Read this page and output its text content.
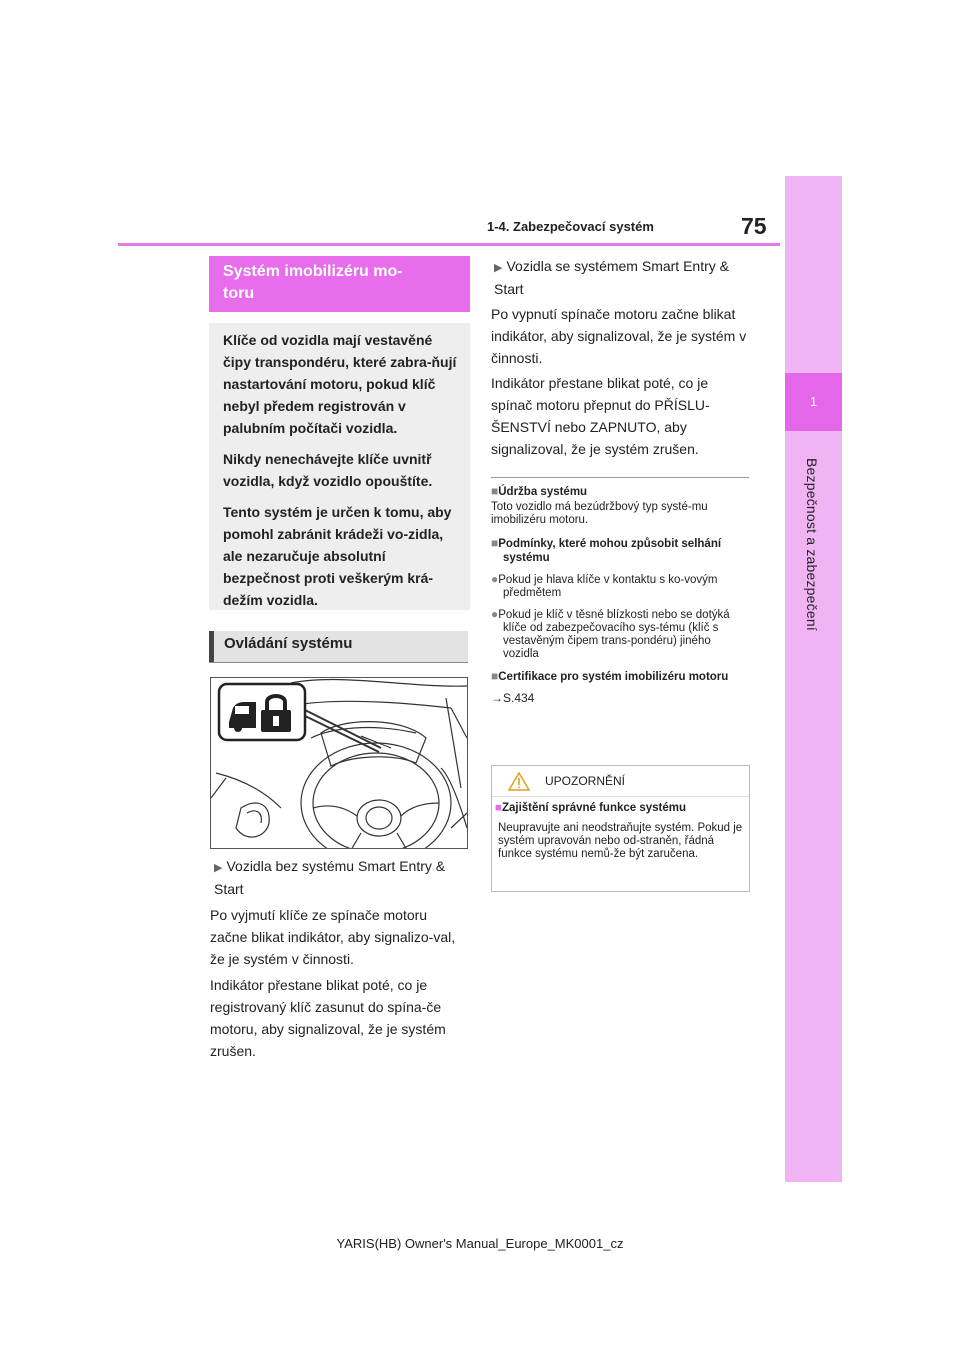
1-4. Zabezpečovací systém	75
1
Bezpečnost a zabezpečení
Systém imobilizéru mo-
toru

Klíče od vozidla mají vestavěné čipy transpondéru, které zabra-ňují nastartování motoru, pokud klíč nebyl předem registrován v palubním počítači vozidla.

Nikdy nenechávejte klíče uvnitř vozidla, když vozidlo opouštíte.

Tento systém je určen k tomu, aby pomohl zabránit krádeži vo-zidla, ale nezaručuje absolutní bezpečnost proti veškerým krá-dežím vozidla.

Ovládání systému
▶ Vozidla bez systému Smart Entry & Start

Po vyjmutí klíče ze spínače motoru začne blikat indikátor, aby signalizo-val, že je systém v činnosti.

Indikátor přestane blikat poté, co je registrovaný klíč zasunut do spína-če motoru, aby signalizoval, že je systém zrušen.

▶ Vozidla se systémem Smart Entry & Start

Po vypnutí spínače motoru začne blikat indikátor, aby signalizoval, že je systém v činnosti.

Indikátor přestane blikat poté, co je spínač motoru přepnut do PŘÍSLU-ŠENSTVÍ nebo ZAPNUTO, aby signalizoval, že je systém zrušen.

■Údržba systému
Toto vozidlo má bezúdržbový typ systé-mu imobilizéru motoru.
■Podmínky, které mohou způsobit selhání systému
●Pokud je hlava klíče v kontaktu s ko-vovým předmětem
●Pokud je klíč v těsné blízkosti nebo se dotýká klíče od zabezpečovacího sys-tému (klíč s vestavěným čipem trans-pondéru) jiného vozidla
■Certifikace pro systém imobilizéru motoru
→S.434
UPOZORNĚNÍ
■Zajištění správné funkce systému
Neupravujte ani neodstraňujte systém. Pokud je systém upravován nebo od-straněn, řádná funkce systému nemů-že být zaručena.
YARIS(HB) Owner's Manual_Europe_MK0001_cz
